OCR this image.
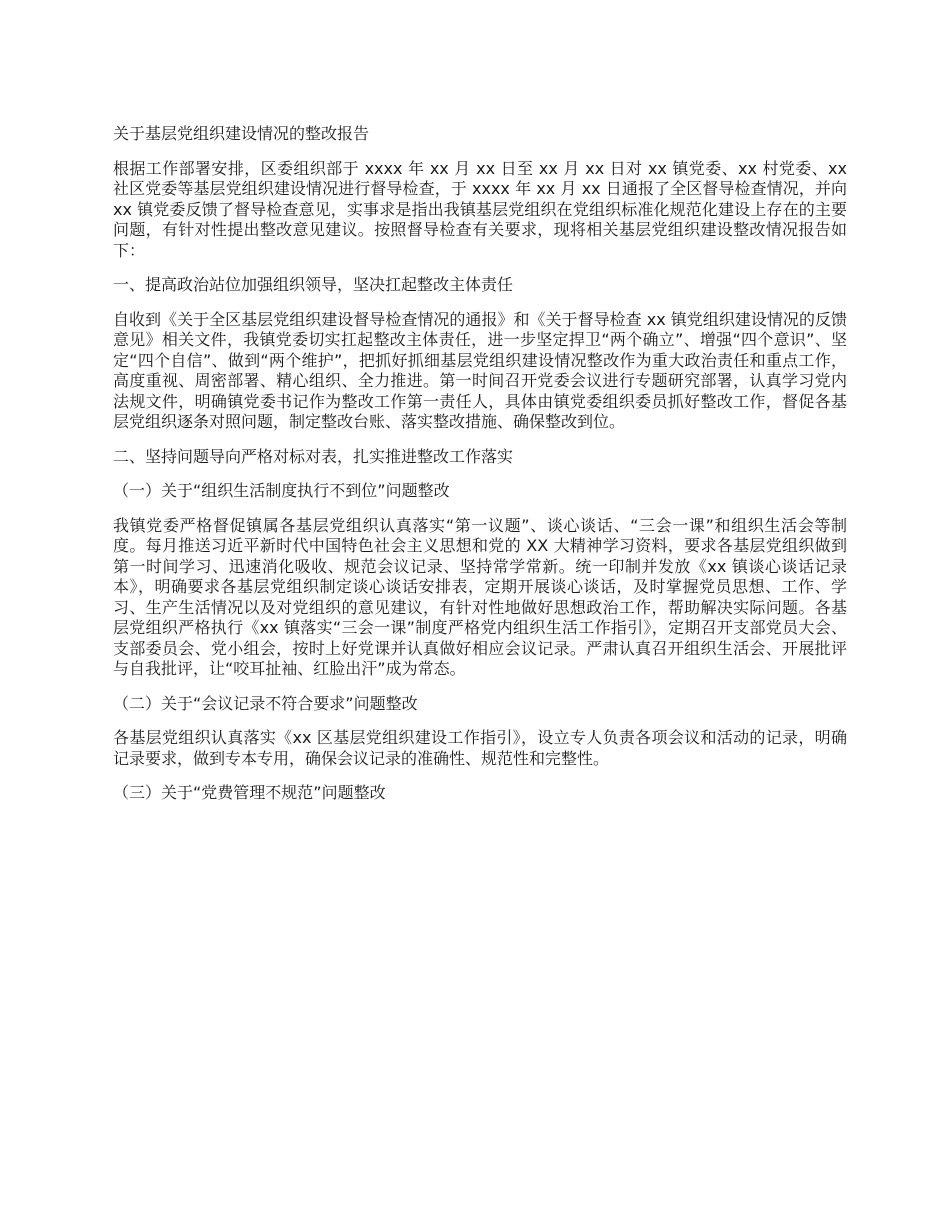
关于基层党组织建设情况的整改报告

根据工作部署安排，区委组织部于 xxxx 年 xx 月 xx 日至 xx 月 xx 日对 xx 镇党委、xx 村党委、xx 社区党委等基层党组织建设情况进行督导检查，于 xxxx 年 xx 月 xx 日通报了全区督导检查情况，并向 xx 镇党委反馈了督导检查意见，实事求是指出我镇基层党组织在党组织标准化规范化建设上存在的主要问题，有针对性提出整改意见建议。按照督导检查有关要求，现将相关基层党组织建设整改情况报告如下：

一、提高政治站位加强组织领导，坚决扛起整改主体责任

自收到《关于全区基层党组织建设督导检查情况的通报》和《关于督导检查 xx 镇党组织建设情况的反馈意见》相关文件，我镇党委切实扛起整改主体责任，进一步坚定捍卫“两个确立”、增强“四个意识”、坚定“四个自信”、做到“两个维护”，把抓好抓细基层党组织建设情况整改作为重大政治责任和重点工作，高度重视、周密部署、精心组织、全力推进。第一时间召开党委会议进行专题研究部署，认真学习党内法规文件，明确镇党委书记作为整改工作第一责任人，具体由镇党委组织委员抓好整改工作，督促各基层党组织逐条对照问题，制定整改台账、落实整改措施、确保整改到位。

二、坚持问题导向严格对标对表，扎实推进整改工作落实

（一）关于“组织生活制度执行不到位”问题整改

我镇党委严格督促镇属各基层党组织认真落实“第一议题”、谈心谈话、“三会一课”和组织生活会等制度。每月推送习近平新时代中国特色社会主义思想和党的 XX 大精神学习资料，要求各基层党组织做到第一时间学习、迅速消化吸收、规范会议记录、坚持常学常新。统一印制并发放《xx 镇谈心谈话记录本》，明确要求各基层党组织制定谈心谈话安排表，定期开展谈心谈话，及时掌握党员思想、工作、学习、生产生活情况以及对党组织的意见建议，有针对性地做好思想政治工作，帮助解决实际问题。各基层党组织严格执行《xx 镇落实“三会一课”制度严格党内组织生活工作指引》，定期召开支部党员大会、支部委员会、党小组会，按时上好党课并认真做好相应会议记录。严肃认真召开组织生活会、开展批评与自我批评，让“咬耳扯袖、红脸出汗”成为常态。

（二）关于“会议记录不符合要求”问题整改

各基层党组织认真落实《xx 区基层党组织建设工作指引》，设立专人负责各项会议和活动的记录，明确记录要求，做到专本专用，确保会议记录的准确性、规范性和完整性。

（三）关于“党费管理不规范”问题整改
